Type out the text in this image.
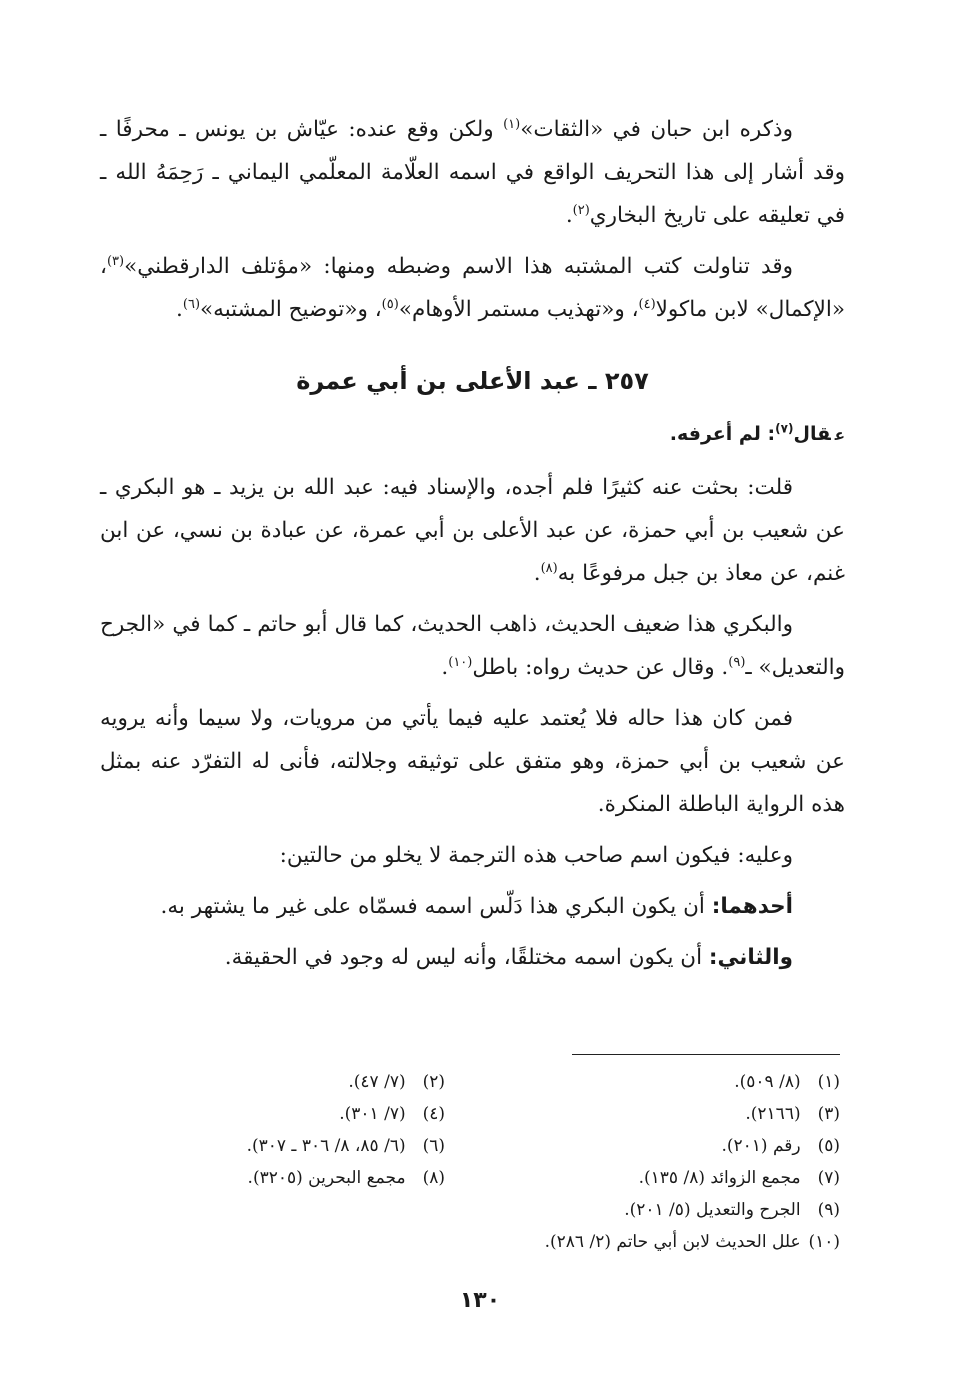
وذكره ابن حبان في «الثقات»$^{(١)}$ ولكن وقع عنده: عيّاش بن يونس ـ محرفًا ـ وقد أشار إلى هذا التحريف الواقع في اسمه العلّامة المعلّمي اليماني ـ رَحِمَهُ الله ـ في تعليقه على تاريخ البخاري$^{(٢)}$.

وقد تناولت كتب المشتبه هذا الاسم وضبطه ومنها: «مؤتلف الدارقطني»$^{(٣)}$، «الإكمال» لابن ماكولا$^{(٤)}$، و«تهذيب مستمر الأوهام»$^{(٥)}$، و«توضيح المشتبه»$^{(٦)}$.

٢٥٧ ـ عبد الأعلى بن أبي عمرة
عقال$^{(٧)}$: لم أعرفه.

قلت: بحثت عنه كثيرًا فلم أجده، والإسناد فيه: عبد الله بن يزيد ـ هو البكري ـ عن شعيب بن أبي حمزة، عن عبد الأعلى بن أبي عمرة، عن عبادة بن نسي، عن ابن غنم، عن معاذ بن جبل مرفوعًا به$^{(٨)}$.

والبكري هذا ضعيف الحديث، ذاهب الحديث، كما قال أبو حاتم ـ كما في «الجرح والتعديل» ـ$^{(٩)}$. وقال عن حديث رواه: باطل$^{(١٠)}$.

فمن كان هذا حاله فلا يُعتمد عليه فيما يأتي من مرويات، ولا سيما وأنه يرويه عن شعيب بن أبي حمزة، وهو متفق على توثيقه وجلالته، فأنى له التفرّد عنه بمثل هذه الرواية الباطلة المنكرة.

وعليه: فيكون اسم صاحب هذه الترجمة لا يخلو من حالتين:

أحدهما: أن يكون البكري هذا دَلّس اسمه فسمّاه على غير ما يشتهر به.

والثاني: أن يكون اسمه مختلقًا، وأنه ليس له وجود في الحقيقة.

(١) (٨/ ٥٠٩).
(٢) (٧/ ٤٧).
(٣) (٢١٦٦).
(٤) (٧/ ٣٠١).
(٥) رقم (٢٠١).
(٦) (٦/ ٨٥، ٨/ ٣٠٦ ـ ٣٠٧).
(٧) مجمع الزوائد (٨/ ١٣٥).
(٨) مجمع البحرين (٣٢٠٥).
(٩) الجرح والتعديل (٥/ ٢٠١).
(١٠) علل الحديث لابن أبي حاتم (٢/ ٢٨٦).
١٣٠
